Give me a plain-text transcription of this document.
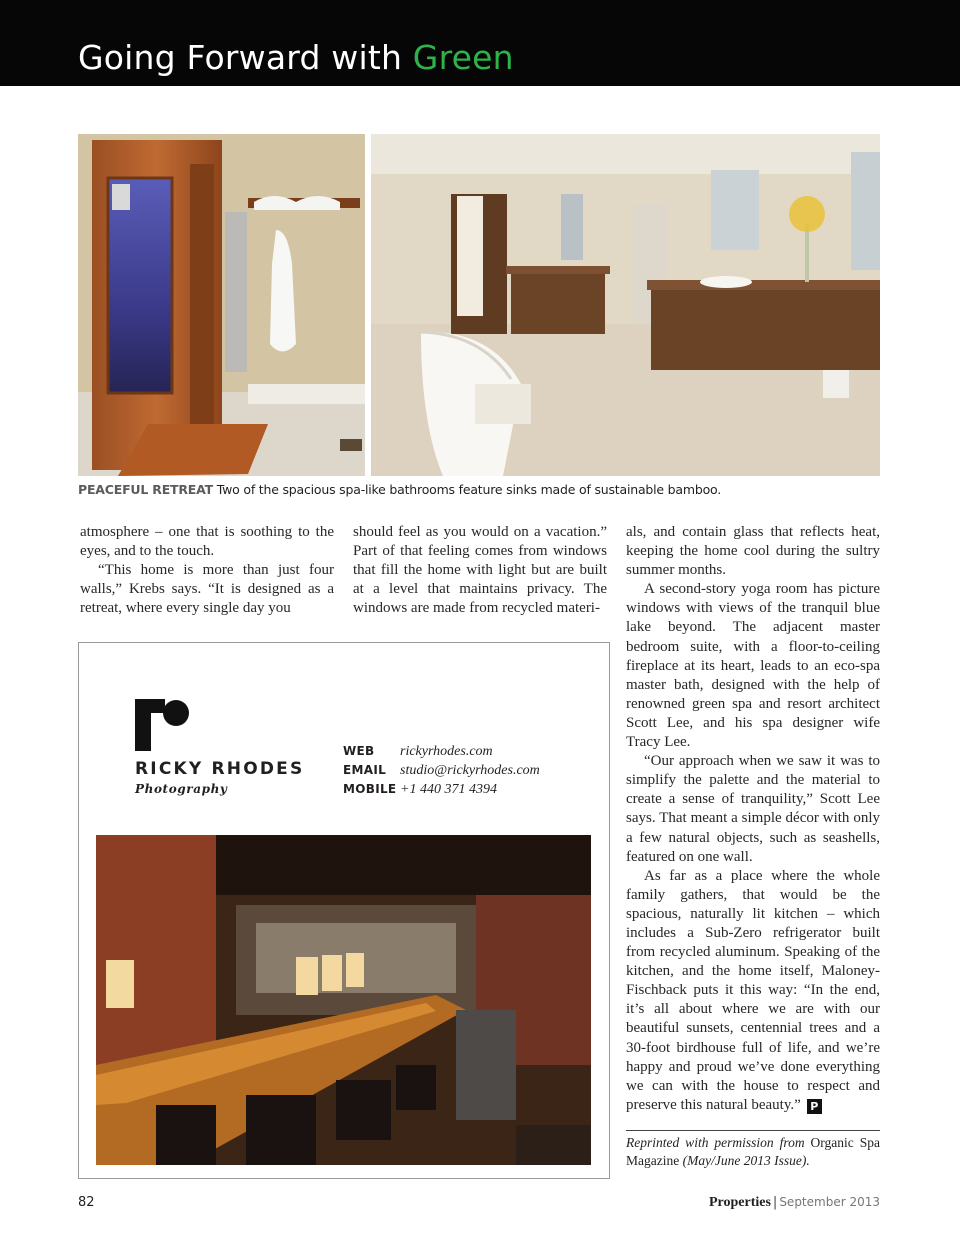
Going Forward with Green
PEACEFUL RETREAT Two of the spacious spa-like bathrooms feature sinks made of sustainable bamboo.

atmosphere – one that is soothing to the eyes, and to the touch.

“This home is more than just four walls,” Krebs says. “It is designed as a retreat, where every single day you

should feel as you would on a vacation.” Part of that feeling comes from windows that fill the home with light but are built at a level that maintains privacy. The windows are made from recycled materi-

als, and contain glass that reflects heat, keeping the home cool during the sultry summer months.

A second-story yoga room has picture windows with views of the tranquil blue lake beyond. The adjacent master bedroom suite, with a floor-to-ceiling fireplace at its heart, leads to an eco-spa master bath, designed with the help of renowned green spa and resort architect Scott Lee, and his spa designer wife Tracy Lee.

“Our approach when we saw it was to simplify the palette and the material to create a sense of tranquility,” Scott Lee says. That meant a simple décor with only a few natural objects, such as seashells, featured on one wall.

As far as a place where the whole family gathers, that would be the spacious, naturally lit kitchen – which includes a Sub-Zero refrigerator built from recycled aluminum. Speaking of the kitchen, and the home itself, Maloney-Fischback puts it this way: “In the end, it’s all about where we are with our beautiful sunsets, centennial trees and a 30-foot birdhouse full of life, and we’re happy and proud we’ve done everything we can with the house to respect and preserve this natural beauty.” P

Reprinted with permission from Organic Spa Magazine (May/June 2013 Issue).
RICKY RHODES
Photography
WEB	rickyrhodes.com
EMAIL studio@rickyrhodes.com
MOBILE +1 440 371 4394
82	Properties | September 2013
